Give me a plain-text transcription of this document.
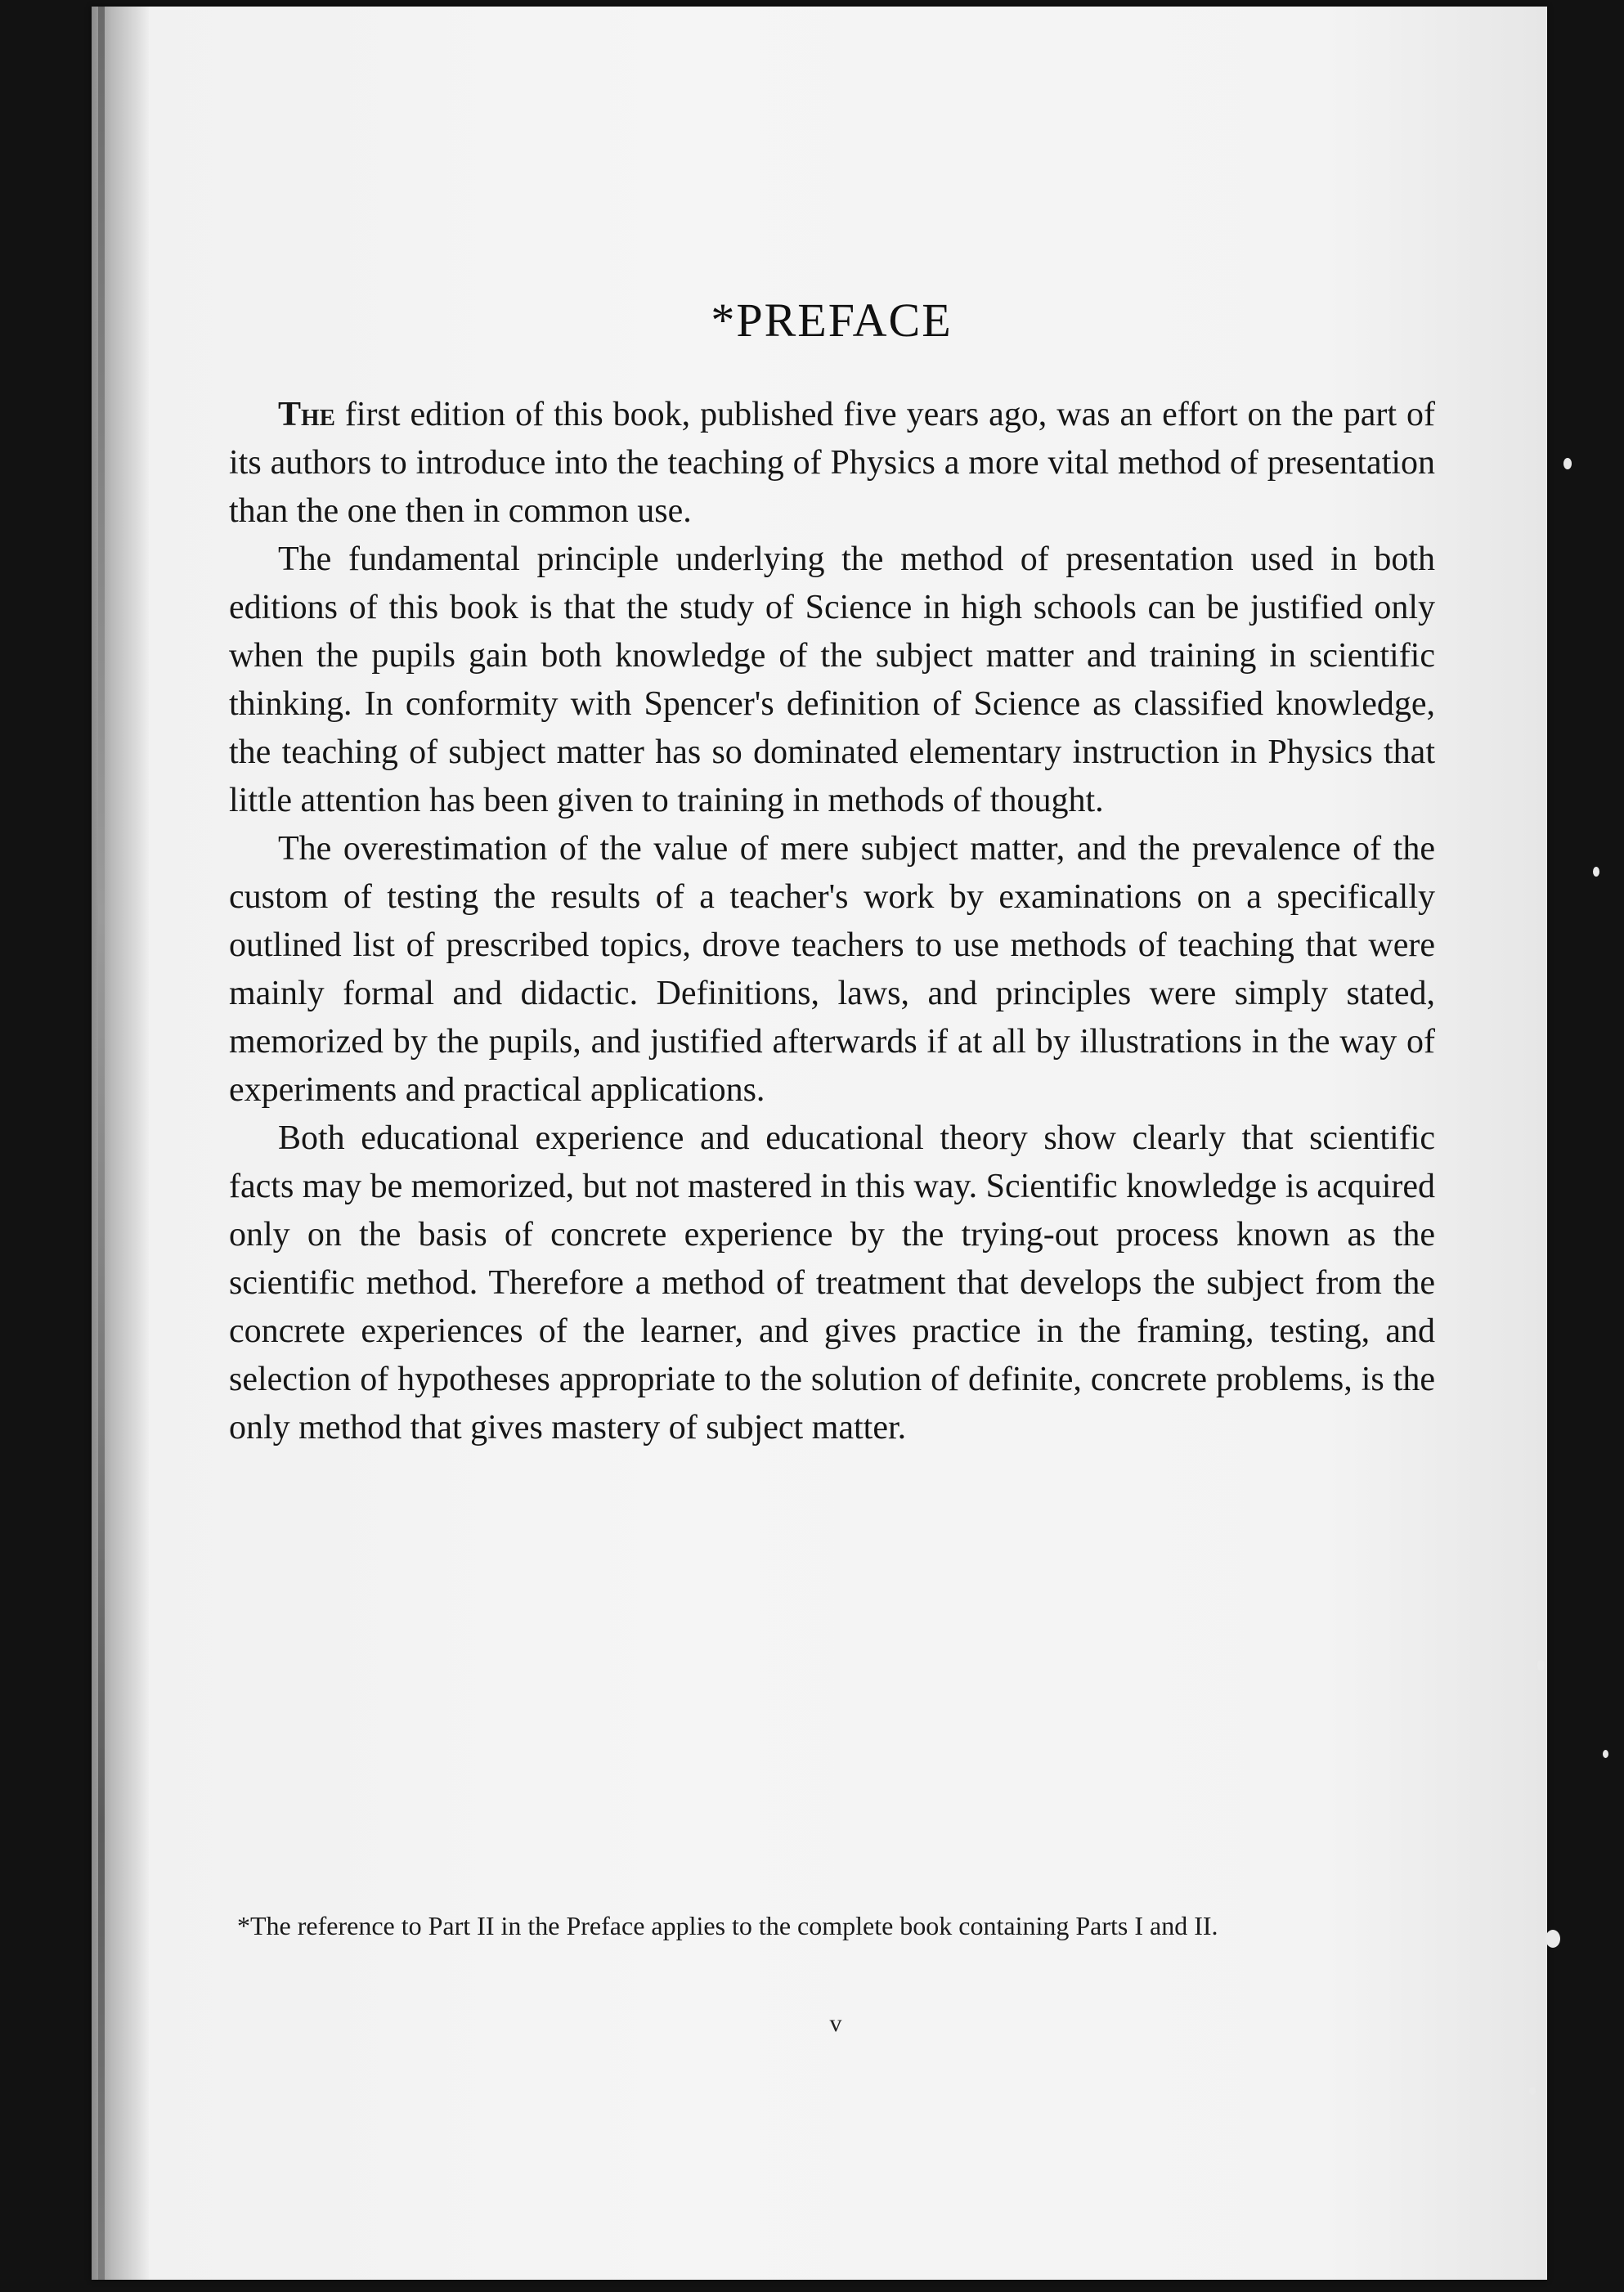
*PREFACE

The first edition of this book, published five years ago, was an effort on the part of its authors to introduce into the teaching of Physics a more vital method of presentation than the one then in common use.

The fundamental principle underlying the method of presentation used in both editions of this book is that the study of Science in high schools can be justified only when the pupils gain both knowledge of the subject matter and training in scientific thinking. In conformity with Spencer's definition of Science as classified knowledge, the teaching of subject matter has so dominated elementary instruction in Physics that little attention has been given to training in methods of thought.

The overestimation of the value of mere subject matter, and the prevalence of the custom of testing the results of a teacher's work by examinations on a specifically outlined list of prescribed topics, drove teachers to use methods of teaching that were mainly formal and didactic. Definitions, laws, and principles were simply stated, memorized by the pupils, and justified afterwards if at all by illustrations in the way of experiments and practical applications.

Both educational experience and educational theory show clearly that scientific facts may be memorized, but not mastered in this way. Scientific knowledge is acquired only on the basis of concrete experience by the trying-out process known as the scientific method. Therefore a method of treatment that develops the subject from the concrete experiences of the learner, and gives practice in the framing, testing, and selection of hypotheses appropriate to the solution of definite, concrete problems, is the only method that gives mastery of subject matter.

*The reference to Part II in the Preface applies to the complete book containing Parts I and II.
v
